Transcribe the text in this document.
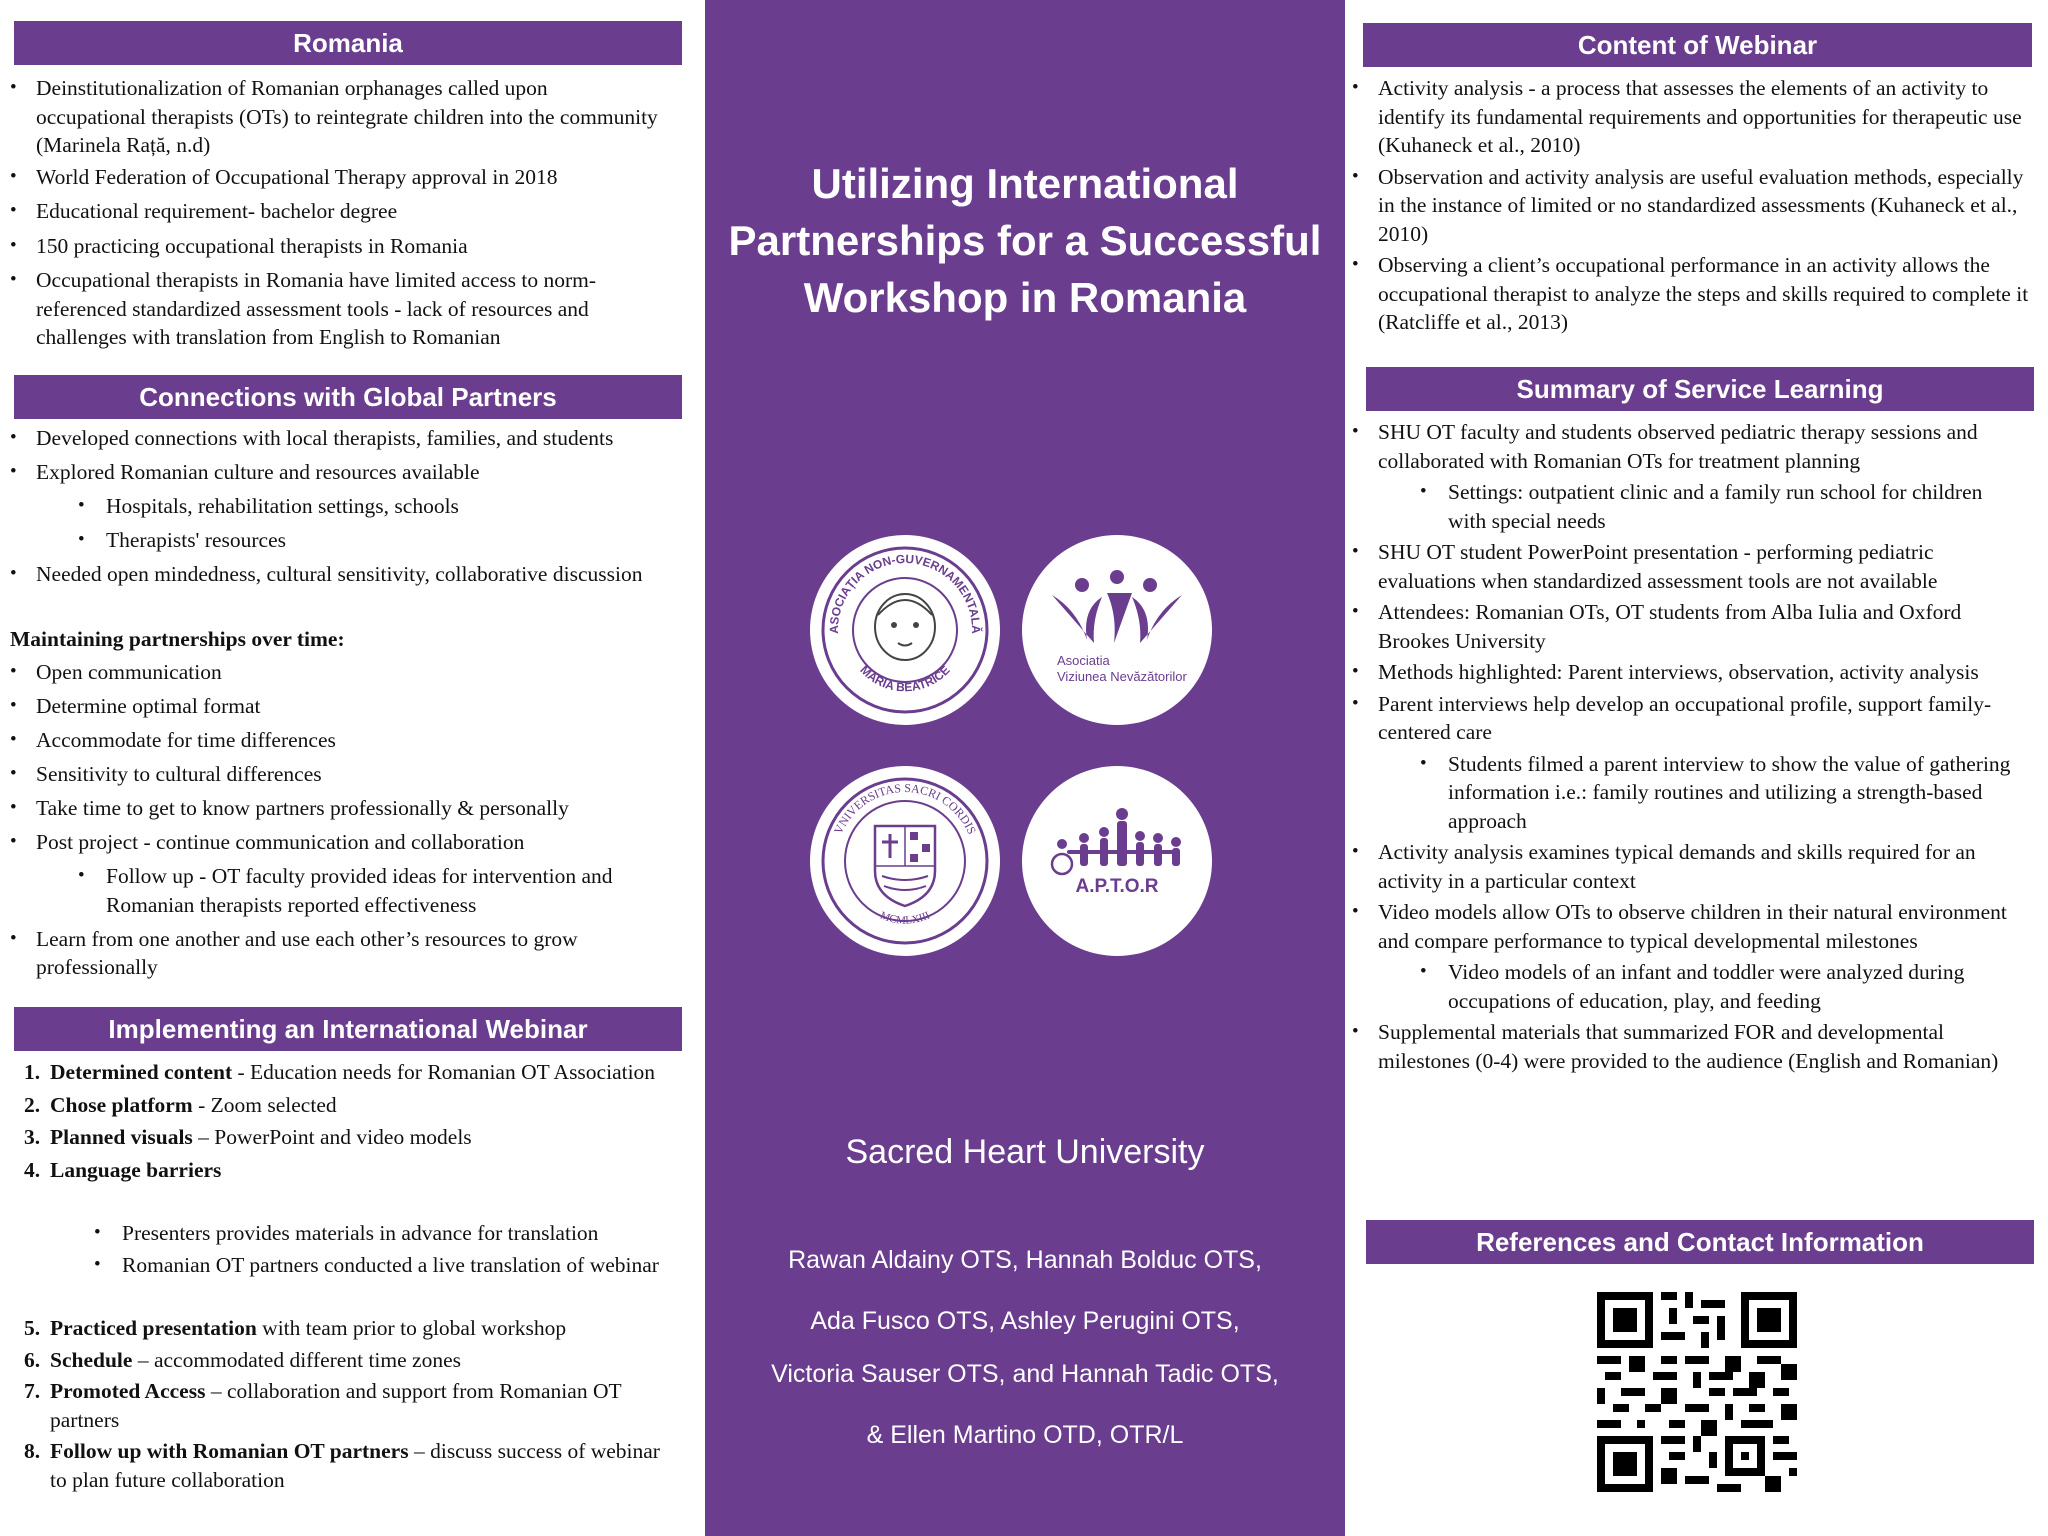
Romania
• Deinstitutionalization of Romanian orphanages called upon occupational therapists (OTs) to reintegrate children into the community (Marinela Rață, n.d)
• World Federation of Occupational Therapy approval in 2018
• Educational requirement- bachelor degree
• 150 practicing occupational therapists in Romania
• Occupational therapists in Romania have limited access to norm-referenced standardized assessment tools - lack of resources and challenges with translation from English to Romanian
Connections with Global Partners
• Developed connections with local therapists, families, and students
• Explored Romanian culture and resources available
• Hospitals, rehabilitation settings, schools
• Therapists' resources
• Needed open mindedness, cultural sensitivity, collaborative discussion
Maintaining partnerships over time:
• Open communication
• Determine optimal format
• Accommodate for time differences
• Sensitivity to cultural differences
• Take time to get to know partners professionally & personally
• Post project - continue communication and collaboration
• Follow up - OT faculty provided ideas for intervention and Romanian therapists reported effectiveness
• Learn from one another and use each other’s resources to grow professionally
Implementing an International Webinar
1. Determined content - Education needs for Romanian OT Association
2. Chose platform - Zoom selected
3. Planned visuals – PowerPoint and video models
4. Language barriers
• Presenters provides materials in advance for translation
• Romanian OT partners conducted a live translation of webinar
5. Practiced presentation with team prior to global workshop
6. Schedule – accommodated different time zones
7. Promoted Access – collaboration and support from Romanian OT partners
8. Follow up with Romanian OT partners – discuss success of webinar to plan future collaboration
Utilizing International Partnerships for a Successful Workshop in Romania
ASOCIAȚIA NON-GUVERNAMENTALĂ
MARIA BEATRICE
Asociatia
Viziunea Nevăzătorilor
VNIVERSITAS SACRI CORDIS
MCMLXIII
A.P.T.O.R
Sacred Heart University
Rawan Aldainy OTS, Hannah Bolduc OTS,
Ada Fusco OTS, Ashley Perugini OTS,
Victoria Sauser OTS, and Hannah Tadic OTS,
& Ellen Martino OTD, OTR/L
Content of Webinar
• Activity analysis - a process that assesses the elements of an activity to identify its fundamental requirements and opportunities for therapeutic use (Kuhaneck et al., 2010)
• Observation and activity analysis are useful evaluation methods, especially in the instance of limited or no standardized assessments (Kuhaneck et al., 2010)
• Observing a client’s occupational performance in an activity allows the occupational therapist to analyze the steps and skills required to complete it (Ratcliffe et al., 2013)
Summary of Service Learning
• SHU OT faculty and students observed pediatric therapy sessions and collaborated with Romanian OTs for treatment planning
• Settings: outpatient clinic and a family run school for children with special needs
• SHU OT student PowerPoint presentation - performing pediatric evaluations when standardized assessment tools are not available
• Attendees: Romanian OTs, OT students from Alba Iulia and Oxford Brookes University
• Methods highlighted: Parent interviews, observation, activity analysis
• Parent interviews help develop an occupational profile, support family-centered care
• Students filmed a parent interview to show the value of gathering information i.e.: family routines and utilizing a strength-based approach
• Activity analysis examines typical demands and skills required for an activity in a particular context
• Video models allow OTs to observe children in their natural environment and compare performance to typical developmental milestones
• Video models of an infant and toddler were analyzed during occupations of education, play, and feeding
• Supplemental materials that summarized FOR and developmental milestones (0-4) were provided to the audience (English and Romanian)
References and Contact Information
